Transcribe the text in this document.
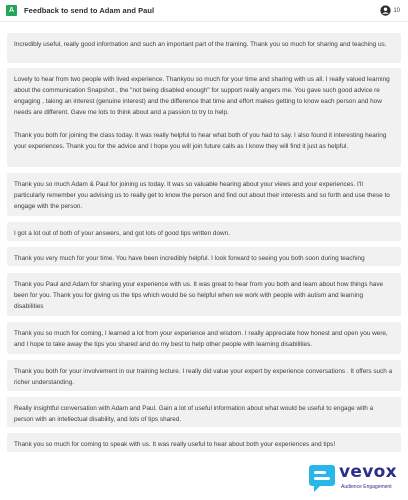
A	Feedback to send to Adam and Paul	10
Incredibly useful, really good information and such an important part of the training. Thank you so much for sharing and teaching us.
Lovely to hear from two people with lived experience. Thankyou so much for your time and sharing with us all. I really valued learning about the communication Snapshot , the "not being disabled enough" for support really angers me. You gave such good advice re engaging , taking an interest (genuine interest) and the difference that time and effort makes getting to know each person and how needs are different. Gave me lots to think about and a passion to try to help.
Thank you both for joining the class today. It was really helpful to hear what both of you had to say. I also found it interesting hearing your experiences. Thank you for the advice and I hope you will join future calls as I know they will find it just as helpful.
Thank you so much Adam & Paul for joining us today. It was so valuable hearing about your views and your experiences. I'll particularly remember you advising us to really get to know the person and find out about their interests and so forth and use these to engage with the person.
I got a lot out of both of your answers, and got lots of good tips written down.
Thank you very much for your time. You have been incredibly helpful. I look forward to seeing you both soon during teaching
Thank you Paul and Adam for sharing your experience with us. It was great to hear from you both and learn about how things have been for you. Thank you for giving us the tips which would be so helpful when we work with people with autism and learning disabilities
Thank you so much for coming, I learned a lot from your experience and wisdom. I really appreciate how honest and open you were, and I hope to take away the tips you shared and do my best to help other people with learning disabilities.
Thank you both for your involvement in our training lecture. I really did value your expert by experience conversations . It offers such a richer understanding.
Really insightful conversation with Adam and Paul. Gain a lot of useful information about what would be useful to engage with a person with an intellectual disability, and lots of tips shared.
Thank you so much for coming to speak with us. It was really useful to hear about both your experiences and tips!
vevox
Audience Engagement
